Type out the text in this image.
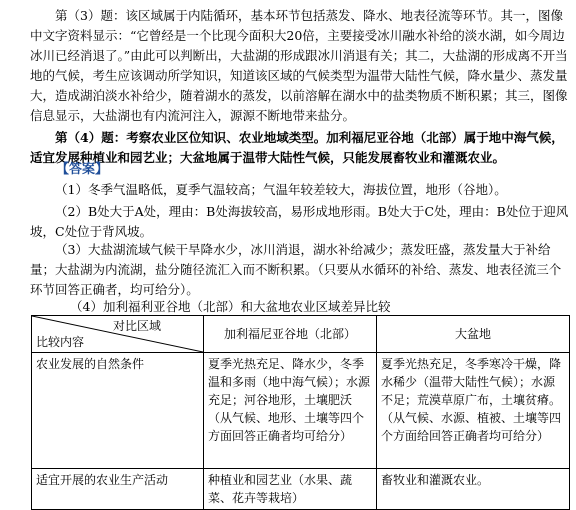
第（3）题：该区域属于内陆循环，基本环节包括蒸发、降水、地表径流等环节。其一，图像中文字资料显示：“它曾经是一个比现今面积大20倍，主要接受冰川融水补给的淡水湖，如今周边冰川已经消退了。”由此可以判断出，大盐湖的形成跟冰川消退有关；其二，大盐湖的形成离不开当地的气候，考生应该调动所学知识，知道该区域的气候类型为温带大陆性气候，降水量少、蒸发量大，造成湖泊淡水补给少，随着湖水的蒸发，以前溶解在湖水中的盐类物质不断积累；其三，图像信息显示，大盐湖也有内流河注入，源源不断地带来盐分。

第（4）题：考察农业区位知识、农业地域类型。加利福尼亚谷地（北部）属于地中海气候，适宜发展种植业和园艺业；大盆地属于温带大陆性气候，只能发展畜牧业和灌溉农业。

【答案】

（1）冬季气温略低，夏季气温较高；气温年较差较大，海拔位置，地形（谷地）。

（2）B处大于A处，理由：B处海拔较高，易形成地形雨。B处大于C处，理由：B处位于迎风坡，C处位于背风坡。

（3）大盐湖流域气候干旱降水少，冰川消退，湖水补给减少；蒸发旺盛，蒸发量大于补给量；大盐湖为内流湖，盐分随径流汇入而不断积累。（只要从水循环的补给、蒸发、地表径流三个环节回答正确者，均可给分）。

（4）加利福利亚谷地（北部）和大盆地农业区域差异比较

对比区域
比较内容	加利福尼亚谷地（北部）	大盆地
农业发展的自然条件	夏季光热充足、降水少，冬季温和多雨（地中海气候）；水源充足；河谷地形，土壤肥沃（从气候、地形、土壤等四个方面回答正确者均可给分）	夏季光热充足，冬季寒冷干燥，降水稀少（温带大陆性气候）；水源不足；荒漠草原广布，土壤贫瘠。（从气候、水源、植被、土壤等四个方面给回答正确者均可给分）
适宜开展的农业生产活动	种植业和园艺业（水果、蔬菜、花卉等栽培）	畜牧业和灌溉农业。
